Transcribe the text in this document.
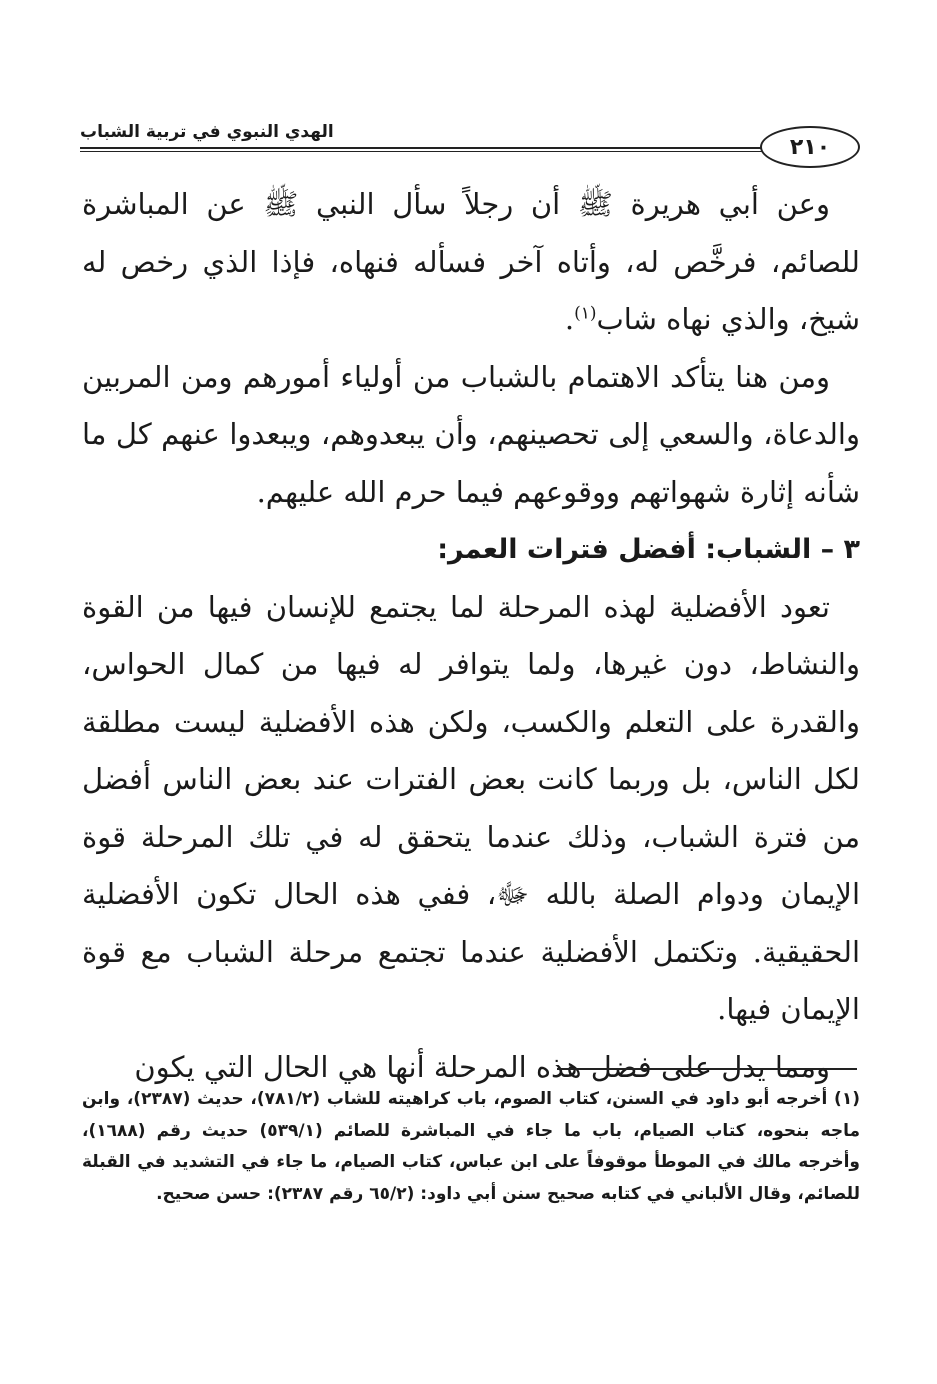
الهدي النبوي في تربية الشباب
٢١٠

وعن أبي هريرة ﷺ أن رجلاً سأل النبي ﷺ عن المباشرة للصائم، فرخَّص له، وأتاه آخر فسأله فنهاه، فإذا الذي رخص له شيخ، والذي نهاه شاب$^{(١)}$.

ومن هنا يتأكد الاهتمام بالشباب من أولياء أمورهم ومن المربين والدعاة، والسعي إلى تحصينهم، وأن يبعدوهم، ويبعدوا عنهم كل ما شأنه إثارة شهواتهم ووقوعهم فيما حرم الله عليهم.

٣ – الشباب: أفضل فترات العمر:

تعود الأفضلية لهذه المرحلة لما يجتمع للإنسان فيها من القوة والنشاط، دون غيرها، ولما يتوافر له فيها من كمال الحواس، والقدرة على التعلم والكسب، ولكن هذه الأفضلية ليست مطلقة لكل الناس، بل وربما كانت بعض الفترات عند بعض الناس أفضل من فترة الشباب، وذلك عندما يتحقق له في تلك المرحلة قوة الإيمان ودوام الصلة بالله ﷻ، ففي هذه الحال تكون الأفضلية الحقيقية. وتكتمل الأفضلية عندما تجتمع مرحلة الشباب مع قوة الإيمان فيها.

ومما يدل على فضل هذه المرحلة أنها هي الحال التي يكون

(١) أخرجه أبو داود في السنن، كتاب الصوم، باب كراهيته للشاب (٧٨١/٢)، حديث (٢٣٨٧)، وابن ماجه بنحوه، كتاب الصيام، باب ما جاء في المباشرة للصائم (٥٣٩/١) حديث رقم (١٦٨٨)، وأخرجه مالك في الموطأ موقوفاً على ابن عباس، كتاب الصيام، ما جاء في التشديد في القبلة للصائم، وقال الألباني في كتابه صحيح سنن أبي داود: (٦٥/٢ رقم ٢٣٨٧): حسن صحيح.
